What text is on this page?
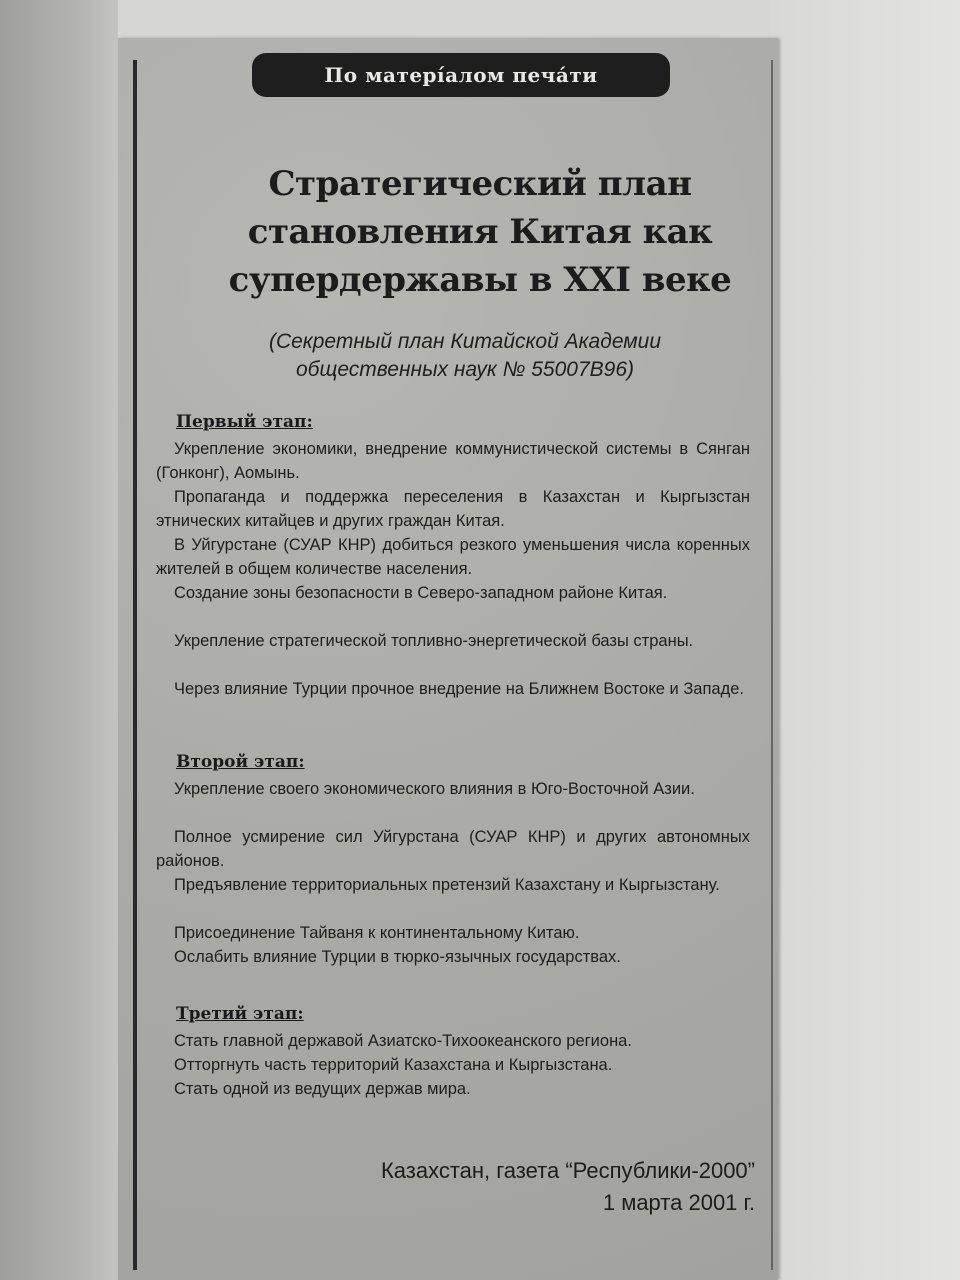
По матерíалом печа́ти
Стратегический план
становления Китая как
супердержавы в XXI веке
(Секретный план Китайской Академии
общественных наук № 55007В96)
Первый этап:
Укрепление экономики, внедрение коммунистической системы в Сянган (Гонконг), Аомынь.
Пропаганда и поддержка переселения в Казахстан и Кыргызстан этнических китайцев и других граждан Китая.
В Уйгурстане (СУАР КНР) добиться резкого уменьшения числа коренных жителей в общем количестве населения.
Создание зоны безопасности в Северо-западном районе Китая.
Укрепление стратегической топливно-энергетической базы страны.
Через влияние Турции прочное внедрение на Ближнем Востоке и Западе.
Второй этап:
Укрепление своего экономического влияния в Юго-Восточной Азии.
Полное усмирение сил Уйгурстана (СУАР КНР) и других автономных районов.
Предъявление территориальных претензий Казахстану и Кыргызстану.
Присоединение Тайваня к континентальному Китаю.
Ослабить влияние Турции в тюрко-язычных государствах.
Третий этап:
Стать главной державой Азиатско-Тихоокеанского региона.
Отторгнуть часть территорий Казахстана и Кыргызстана.
Стать одной из ведущих держав мира.
Казахстан, газета “Республики-2000”
1 марта 2001 г.
